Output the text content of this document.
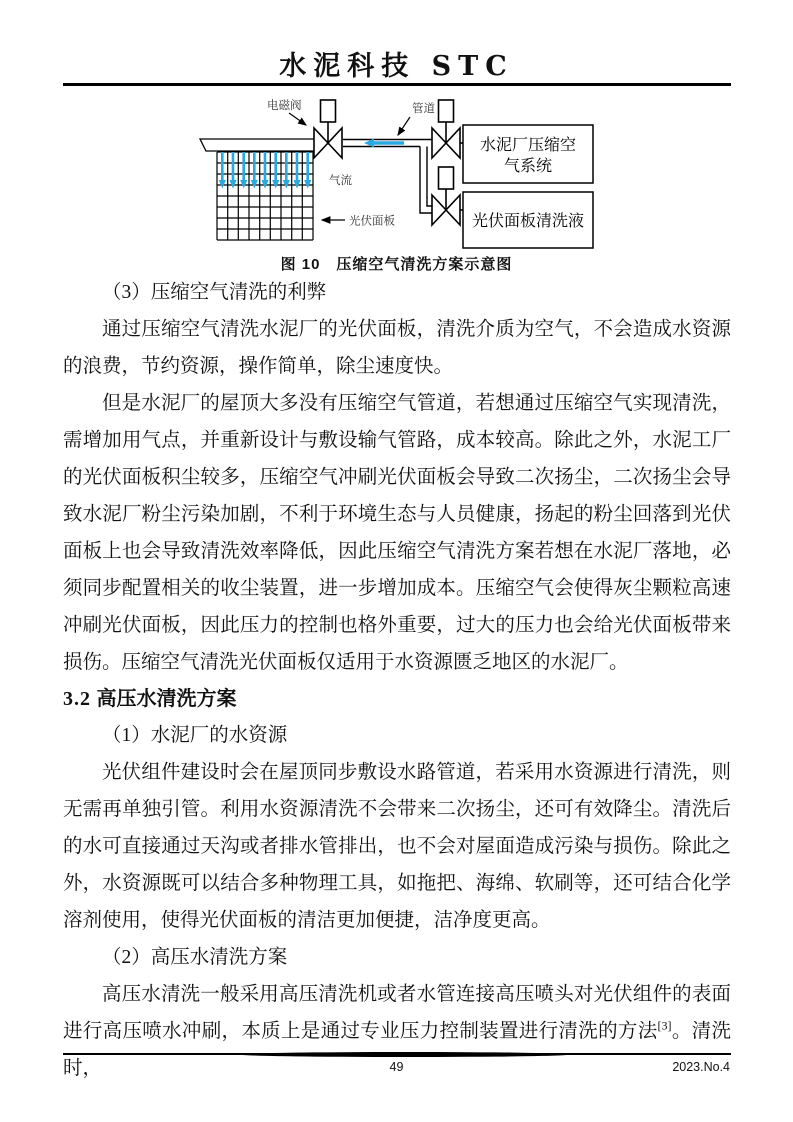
水泥科技 STC
气流
光伏面板
电磁阀	管道
水泥厂压缩空
气系统
光伏面板清洗液
图 10　压缩空气清洗方案示意图

（3）压缩空气清洗的利弊

通过压缩空气清洗水泥厂的光伏面板，清洗介质为空气，不会造成水资源的浪费，节约资源，操作简单，除尘速度快。

但是水泥厂的屋顶大多没有压缩空气管道，若想通过压缩空气实现清洗，需增加用气点，并重新设计与敷设输气管路，成本较高。除此之外，水泥工厂的光伏面板积尘较多，压缩空气冲刷光伏面板会导致二次扬尘，二次扬尘会导致水泥厂粉尘污染加剧，不利于环境生态与人员健康，扬起的粉尘回落到光伏面板上也会导致清洗效率降低，因此压缩空气清洗方案若想在水泥厂落地，必须同步配置相关的收尘装置，进一步增加成本。压缩空气会使得灰尘颗粒高速冲刷光伏面板，因此压力的控制也格外重要，过大的压力也会给光伏面板带来损伤。压缩空气清洗光伏面板仅适用于水资源匮乏地区的水泥厂。

3.2 高压水清洗方案

（1）水泥厂的水资源

光伏组件建设时会在屋顶同步敷设水路管道，若采用水资源进行清洗，则无需再单独引管。利用水资源清洗不会带来二次扬尘，还可有效降尘。清洗后的水可直接通过天沟或者排水管排出，也不会对屋面造成污染与损伤。除此之外，水资源既可以结合多种物理工具，如拖把、海绵、软刷等，还可结合化学溶剂使用，使得光伏面板的清洁更加便捷，洁净度更高。

（2）高压水清洗方案

高压水清洗一般采用高压清洗机或者水管连接高压喷头对光伏组件的表面进行高压喷水冲刷，本质上是通过专业压力控制装置进行清洗的方法[3]。清洗时，	49	2023.No.4
